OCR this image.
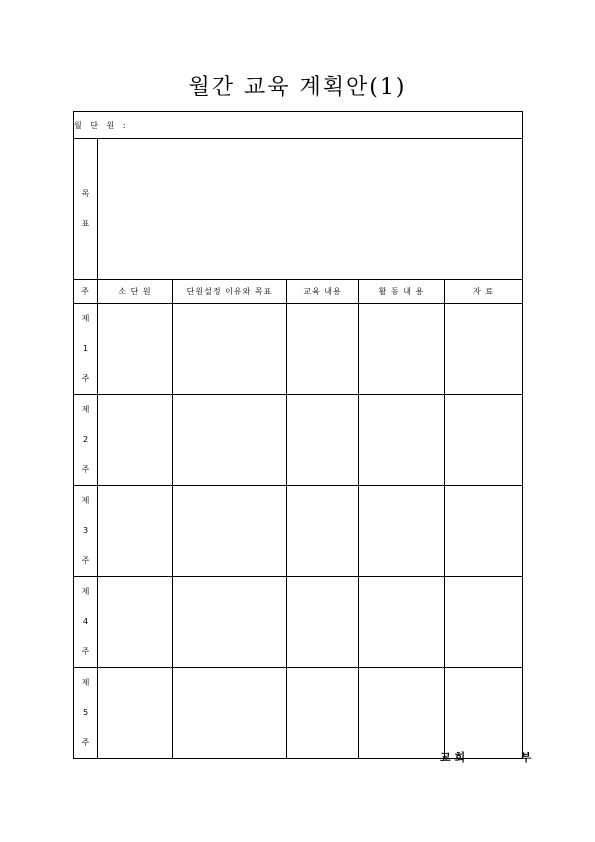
월간 교육 계획안(1)
월 단 원 :					

목
표					

주	소 단 원	단원설정 이유와 목표	교육 내용	활 동 내 용	자 료

제
1
주					

제
2
주					

제
3
주					

제
4
주					

제
5
주					

교 회	부
